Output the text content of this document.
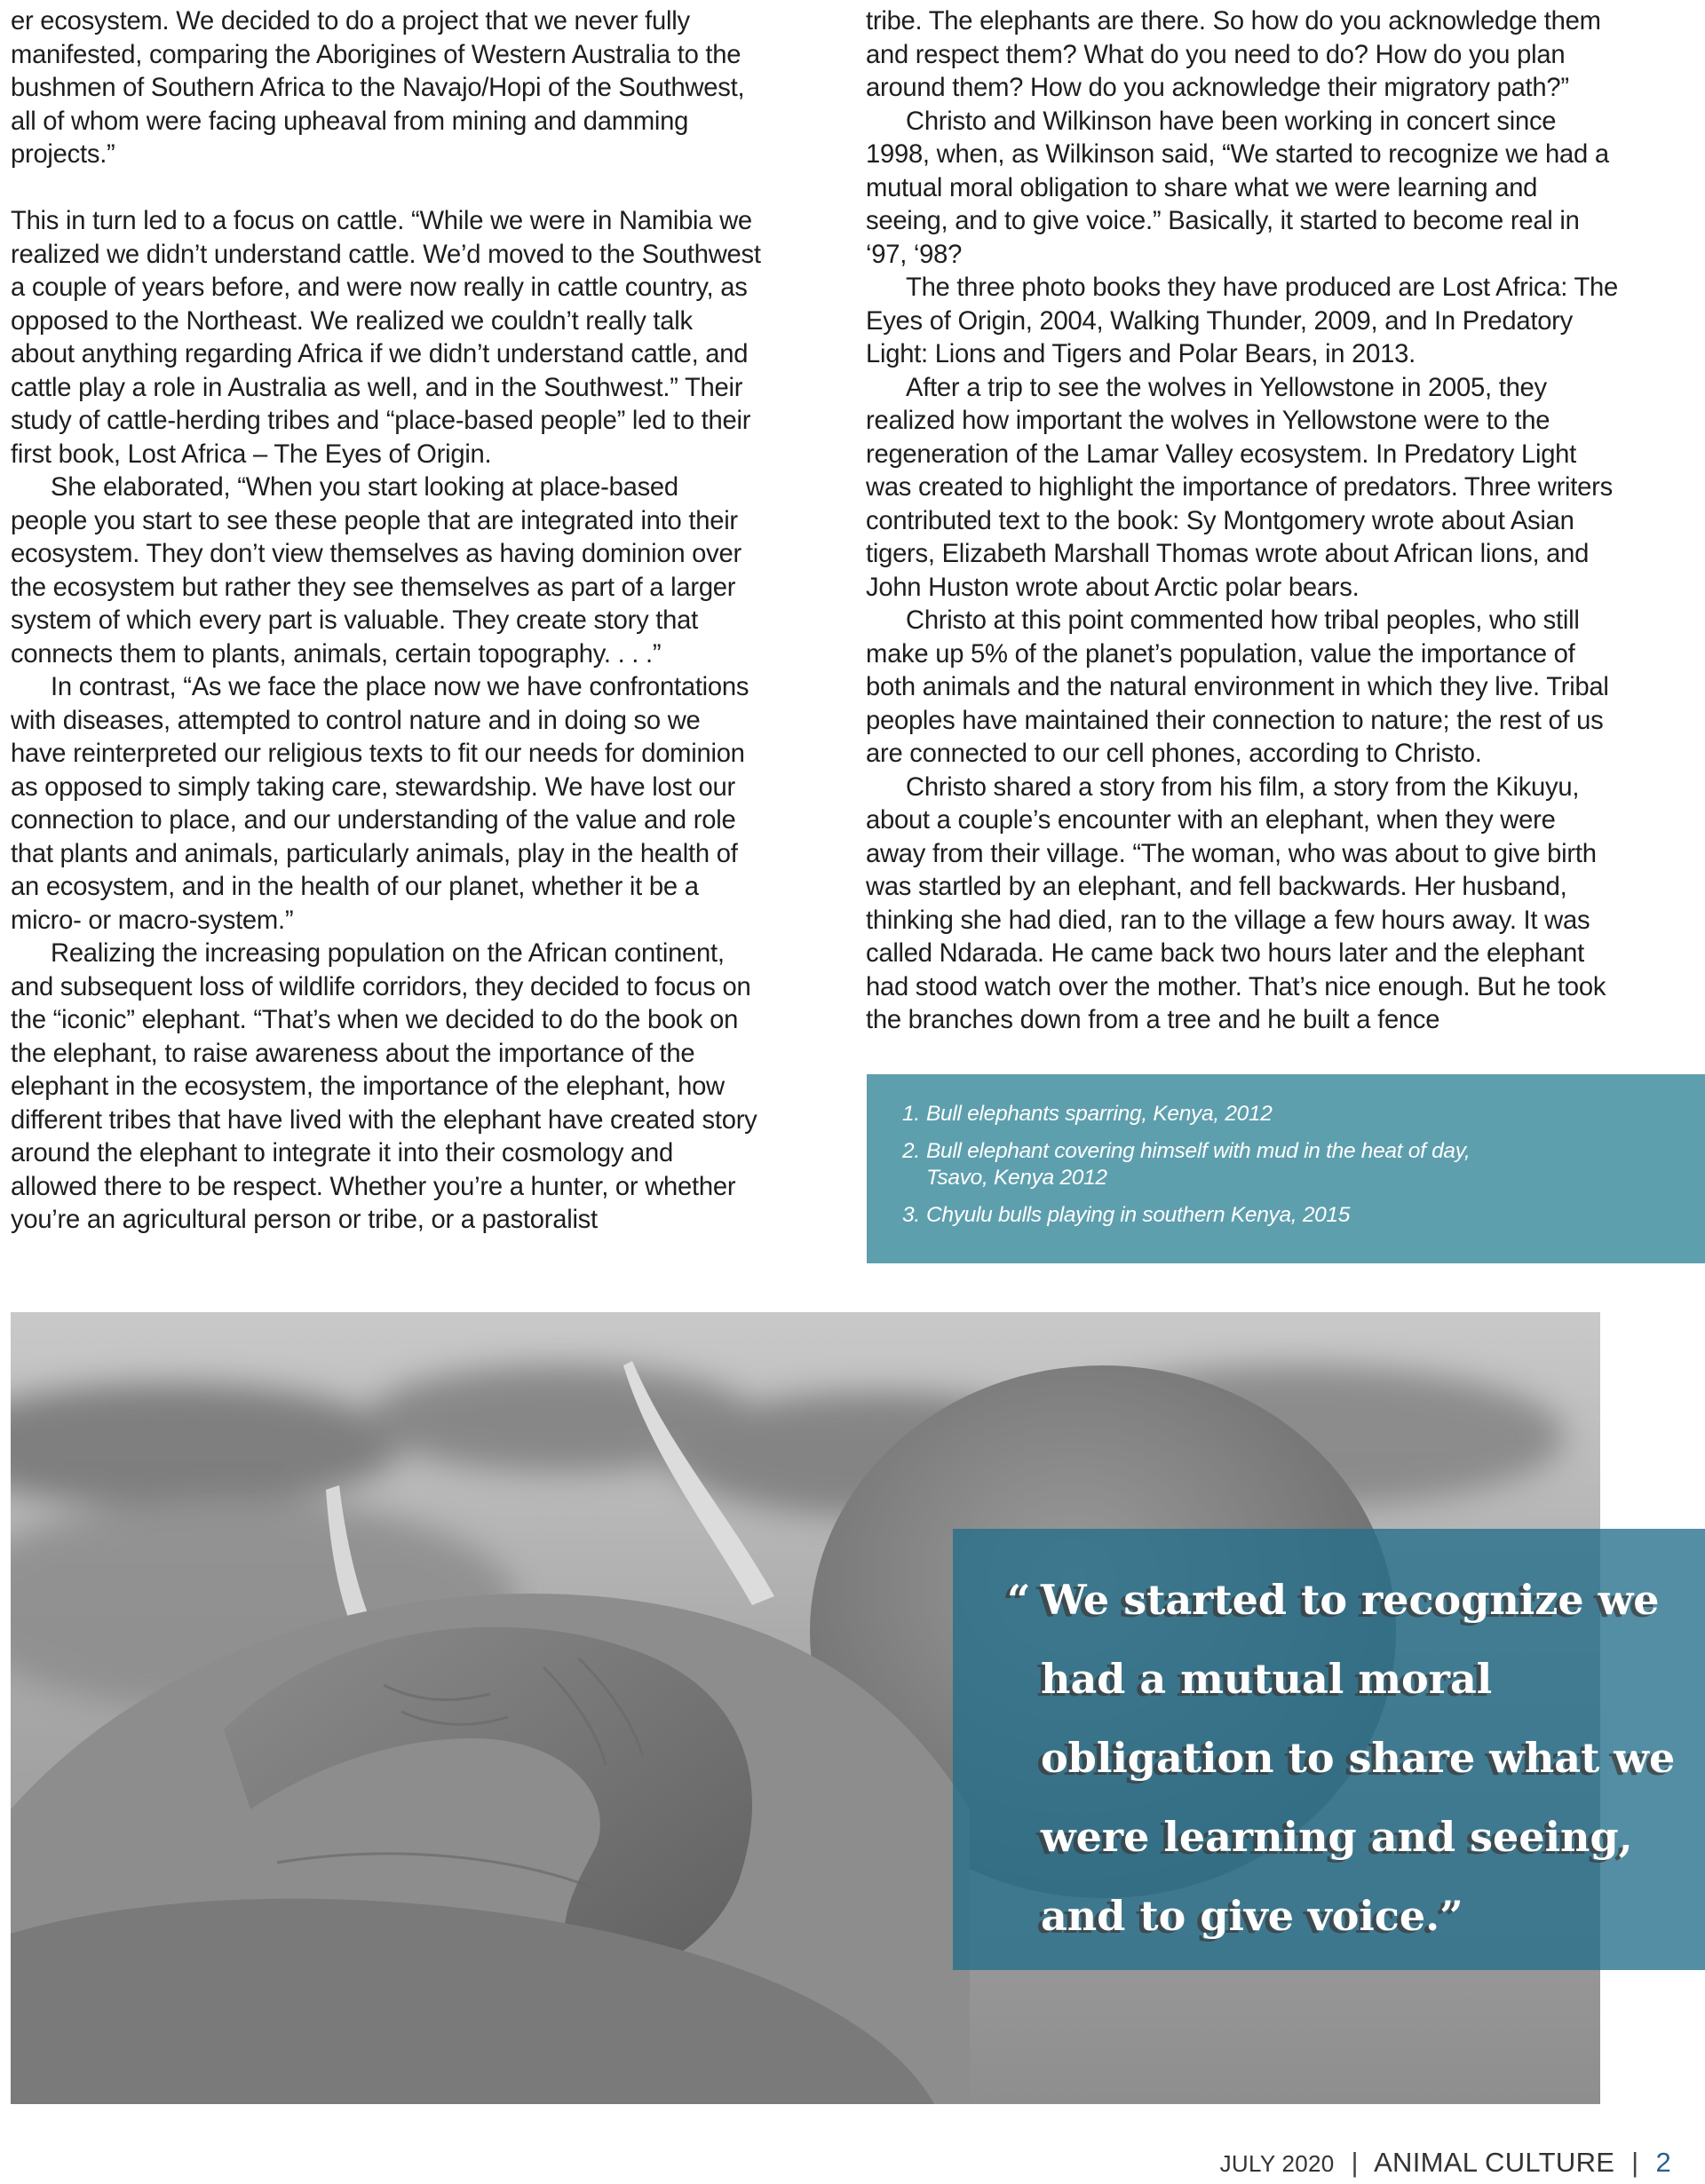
er ecosystem. We decided to do a project that we never fully manifested, comparing the Aborigines of Western Australia to the bushmen of Southern Africa to the Navajo/Hopi of the Southwest, all of whom were facing upheaval from mining and damming projects.”

This in turn led to a focus on cattle. “While we were in Namibia we realized we didn’t understand cattle. We’d moved to the Southwest a couple of years before, and were now really in cattle country, as opposed to the Northeast. We realized we couldn’t really talk about anything regarding Africa if we didn’t understand cattle, and cattle play a role in Australia as well, and in the Southwest.” Their study of cattle-herding tribes and “place-based people” led to their first book, Lost Africa – The Eyes of Origin.

She elaborated, “When you start looking at place-based people you start to see these people that are integrated into their ecosystem. They don’t view themselves as having dominion over the ecosystem but rather they see themselves as part of a larger system of which every part is valuable. They create story that connects them to plants, animals, certain topography. . . .”

In contrast, “As we face the place now we have confrontations with diseases, attempted to control nature and in doing so we have reinterpreted our religious texts to fit our needs for dominion as opposed to simply taking care, stewardship. We have lost our connection to place, and our understanding of the value and role that plants and animals, particularly animals, play in the health of an ecosystem, and in the health of our planet, whether it be a micro- or macro-system.”

Realizing the increasing population on the African continent, and subsequent loss of wildlife corridors, they decided to focus on the “iconic” elephant. “That’s when we decided to do the book on the elephant, to raise awareness about the importance of the elephant in the ecosystem, the importance of the elephant, how different tribes that have lived with the elephant have created story around the elephant to integrate it into their cosmology and allowed there to be respect. Whether you’re a hunter, or whether you’re an agricultural person or tribe, or a pastoralist

tribe. The elephants are there. So how do you acknowledge them and respect them? What do you need to do? How do you plan around them? How do you acknowledge their migratory path?”

Christo and Wilkinson have been working in concert since 1998, when, as Wilkinson said, “We started to recognize we had a mutual moral obligation to share what we were learning and seeing, and to give voice.” Basically, it started to become real in ‘97, ‘98?

The three photo books they have produced are Lost Africa: The Eyes of Origin, 2004, Walking Thunder, 2009, and In Predatory Light: Lions and Tigers and Polar Bears, in 2013.

After a trip to see the wolves in Yellowstone in 2005, they realized how important the wolves in Yellowstone were to the regeneration of the Lamar Valley ecosystem. In Predatory Light was created to highlight the importance of predators. Three writers contributed text to the book: Sy Montgomery wrote about Asian tigers, Elizabeth Marshall Thomas wrote about African lions, and John Huston wrote about Arctic polar bears.

Christo at this point commented how tribal peoples, who still make up 5% of the planet’s population, value the importance of both animals and the natural environment in which they live. Tribal peoples have maintained their connection to nature; the rest of us are connected to our cell phones, according to Christo.

Christo shared a story from his film, a story from the Kikuyu, about a couple’s encounter with an elephant, when they were away from their village. “The woman, who was about to give birth was startled by an elephant, and fell backwards. Her husband, thinking she had died, ran to the village a few hours away. It was called Ndarada. He came back two hours later and the elephant had stood watch over the mother. That’s nice enough. But he took the branches down from a tree and he built a fence

1. Bull elephants sparring, Kenya, 2012
2. Bull elephant covering himself with mud in the heat of day, Tsavo, Kenya 2012
3. Chyulu bulls playing in southern Kenya, 2015
“ We started to recognize we had a mutual moral obligation to share what we were learning and seeing, and to give voice.”
JULY 2020 | ANIMAL CULTURE | 2
